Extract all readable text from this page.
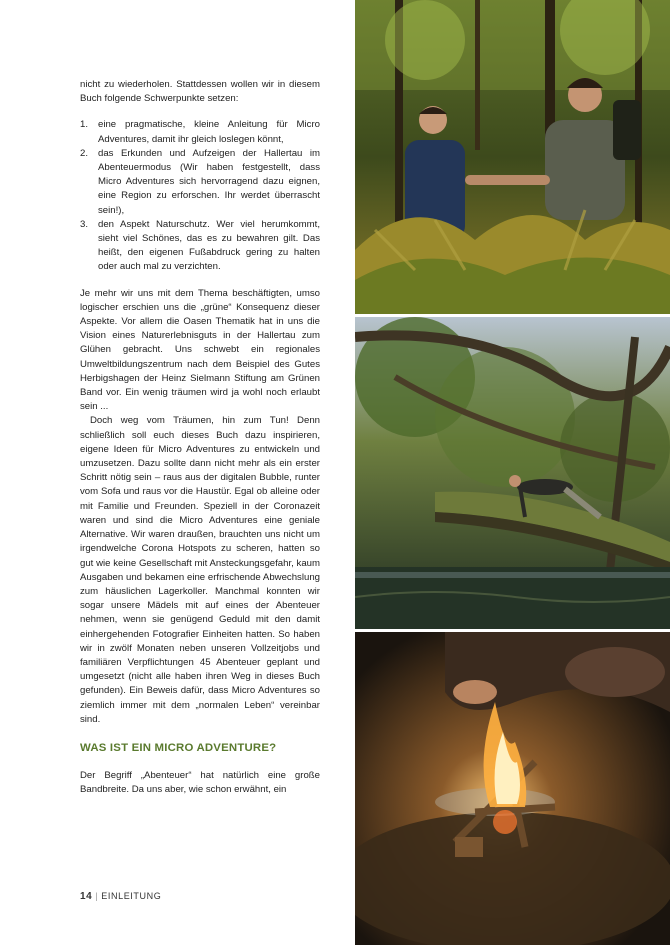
nicht zu wiederholen. Stattdessen wollen wir in diesem Buch folgende Schwerpunkte setzen:

1.	eine pragmatische, kleine Anleitung für Micro Adventures, damit ihr gleich loslegen könnt,
2.	das Erkunden und Aufzeigen der Hallertau im Abenteuermodus (Wir haben festgestellt, dass Micro Adventures sich hervorragend dazu eignen, eine Region zu erforschen. Ihr werdet überrascht sein!),
3.	den Aspekt Naturschutz. Wer viel herumkommt, sieht viel Schönes, das es zu bewahren gilt. Das heißt, den eigenen Fußabdruck gering zu halten oder auch mal zu verzichten.

Je mehr wir uns mit dem Thema beschäftigten, umso logischer erschien uns die „grüne“ Konsequenz dieser Aspekte. Vor allem die Oasen Thematik hat in uns die Vision eines Naturerlebnisguts in der Hallertau zum Glühen gebracht. Uns schwebt ein regionales Umweltbildungszentrum nach dem Beispiel des Gutes Herbigshagen der Heinz Sielmann Stiftung am Grünen Band vor. Ein wenig träumen wird ja wohl noch erlaubt sein ...

Doch weg vom Träumen, hin zum Tun! Denn schließlich soll euch dieses Buch dazu inspirieren, eigene Ideen für Micro Adventures zu entwickeln und umzusetzen. Dazu sollte dann nicht mehr als ein erster Schritt nötig sein – raus aus der digitalen Bubble, runter vom Sofa und raus vor die Haustür. Egal ob alleine oder mit Familie und Freunden. Speziell in der Coronazeit waren und sind die Micro Adventures eine geniale Alternative. Wir waren draußen, brauchten uns nicht um irgendwelche Corona Hotspots zu scheren, hatten so gut wie keine Gesellschaft mit Ansteckungsgefahr, kaum Ausgaben und bekamen eine erfrischende Abwechslung zum häuslichen Lagerkoller. Manchmal konnten wir sogar unsere Mädels mit auf eines der Abenteuer nehmen, wenn sie genügend Geduld mit den damit einhergehenden Fotografier Einheiten hatten. So haben wir in zwölf Monaten neben unseren Vollzeitjobs und familiären Verpflichtungen 45 Abenteuer geplant und umgesetzt (nicht alle haben ihren Weg in dieses Buch gefunden). Ein Beweis dafür, dass Micro Adventures so ziemlich immer mit dem „normalen Leben“ vereinbar sind.

WAS IST EIN MICRO ADVENTURE?

Der Begriff „Abenteuer“ hat natürlich eine große Bandbreite. Da uns aber, wie schon erwähnt, ein

14 | EINLEITUNG
